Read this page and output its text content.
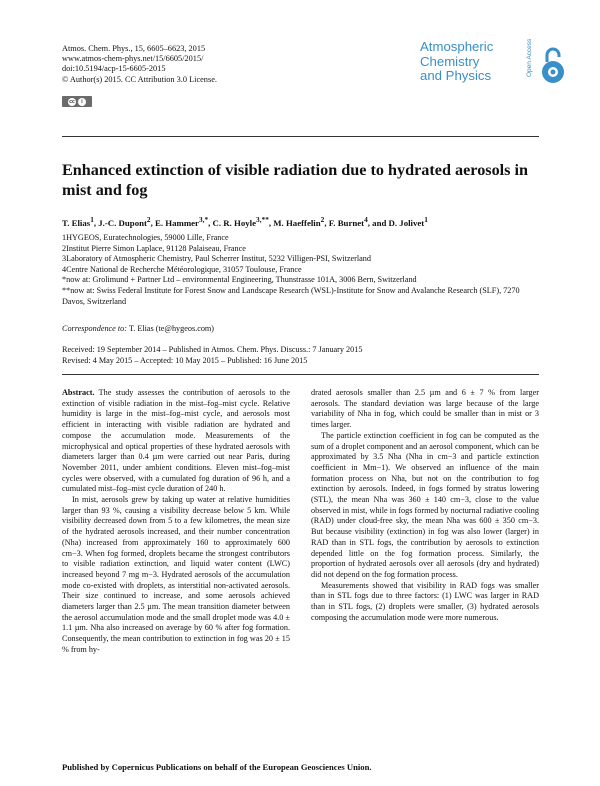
Atmos. Chem. Phys., 15, 6605–6623, 2015
www.atmos-chem-phys.net/15/6605/2015/
doi:10.5194/acp-15-6605-2015
© Author(s) 2015. CC Attribution 3.0 License.
cc	i
Atmospheric
Chemistry
and Physics	Open Access
Enhanced extinction of visible radiation due to hydrated aerosols in mist and fog
T. Elias$^1$, J.-C. Dupont$^2$, E. Hammer$^{3,*}$, C. R. Hoyle$^{3,**}$, M. Haeffelin$^2$, F. Burnet$^4$, and D. Jolivet$^1$
1HYGEOS, Euratechnologies, 59000 Lille, France
2Institut Pierre Simon Laplace, 91128 Palaiseau, France
3Laboratory of Atmospheric Chemistry, Paul Scherrer Institut, 5232 Villigen-PSI, Switzerland
4Centre National de Recherche Météorologique, 31057 Toulouse, France
*now at: Grolimund + Partner Ltd – environmental Engineering, Thunstrasse 101A, 3006 Bern, Switzerland
**now at: Swiss Federal Institute for Forest Snow and Landscape Research (WSL)-Institute for Snow and Avalanche Research (SLF), 7270 Davos, Switzerland
Correspondence to: T. Elias (te@hygeos.com)
Received: 19 September 2014 – Published in Atmos. Chem. Phys. Discuss.: 7 January 2015
Revised: 4 May 2015 – Accepted: 10 May 2015 – Published: 16 June 2015

Abstract. The study assesses the contribution of aerosols to the extinction of visible radiation in the mist–fog–mist cycle. Relative humidity is large in the mist–fog–mist cycle, and aerosols most efficient in interacting with visible radiation are hydrated and compose the accumulation mode. Measurements of the microphysical and optical properties of these hydrated aerosols with diameters larger than 0.4 µm were carried out near Paris, during November 2011, under ambient conditions. Eleven mist–fog–mist cycles were observed, with a cumulated fog duration of 96 h, and a cumulated mist–fog–mist cycle duration of 240 h.

In mist, aerosols grew by taking up water at relative humidities larger than 93 %, causing a visibility decrease below 5 km. While visibility decreased down from 5 to a few kilometres, the mean size of the hydrated aerosols increased, and their number concentration (Nha) increased from approximately 160 to approximately 600 cm−3. When fog formed, droplets became the strongest contributors to visible radiation extinction, and liquid water content (LWC) increased beyond 7 mg m−3. Hydrated aerosols of the accumulation mode co-existed with droplets, as interstitial non-activated aerosols. Their size continued to increase, and some aerosols achieved diameters larger than 2.5 µm. The mean transition diameter between the aerosol accumulation mode and the small droplet mode was 4.0 ± 1.1 µm. Nha also increased on average by 60 % after fog formation. Consequently, the mean contribution to extinction in fog was 20 ± 15 % from hy-

drated aerosols smaller than 2.5 µm and 6 ± 7 % from larger aerosols. The standard deviation was large because of the large variability of Nha in fog, which could be smaller than in mist or 3 times larger.

The particle extinction coefficient in fog can be computed as the sum of a droplet component and an aerosol component, which can be approximated by 3.5 Nha (Nha in cm−3 and particle extinction coefficient in Mm−1). We observed an influence of the main formation process on Nha, but not on the contribution to fog extinction by aerosols. Indeed, in fogs formed by stratus lowering (STL), the mean Nha was 360 ± 140 cm−3, close to the value observed in mist, while in fogs formed by nocturnal radiative cooling (RAD) under cloud-free sky, the mean Nha was 600 ± 350 cm−3. But because visibility (extinction) in fog was also lower (larger) in RAD than in STL fogs, the contribution by aerosols to extinction depended little on the fog formation process. Similarly, the proportion of hydrated aerosols over all aerosols (dry and hydrated) did not depend on the fog formation process.

Measurements showed that visibility in RAD fogs was smaller than in STL fogs due to three factors: (1) LWC was larger in RAD than in STL fogs, (2) droplets were smaller, (3) hydrated aerosols composing the accumulation mode were more numerous.

Published by Copernicus Publications on behalf of the European Geosciences Union.
